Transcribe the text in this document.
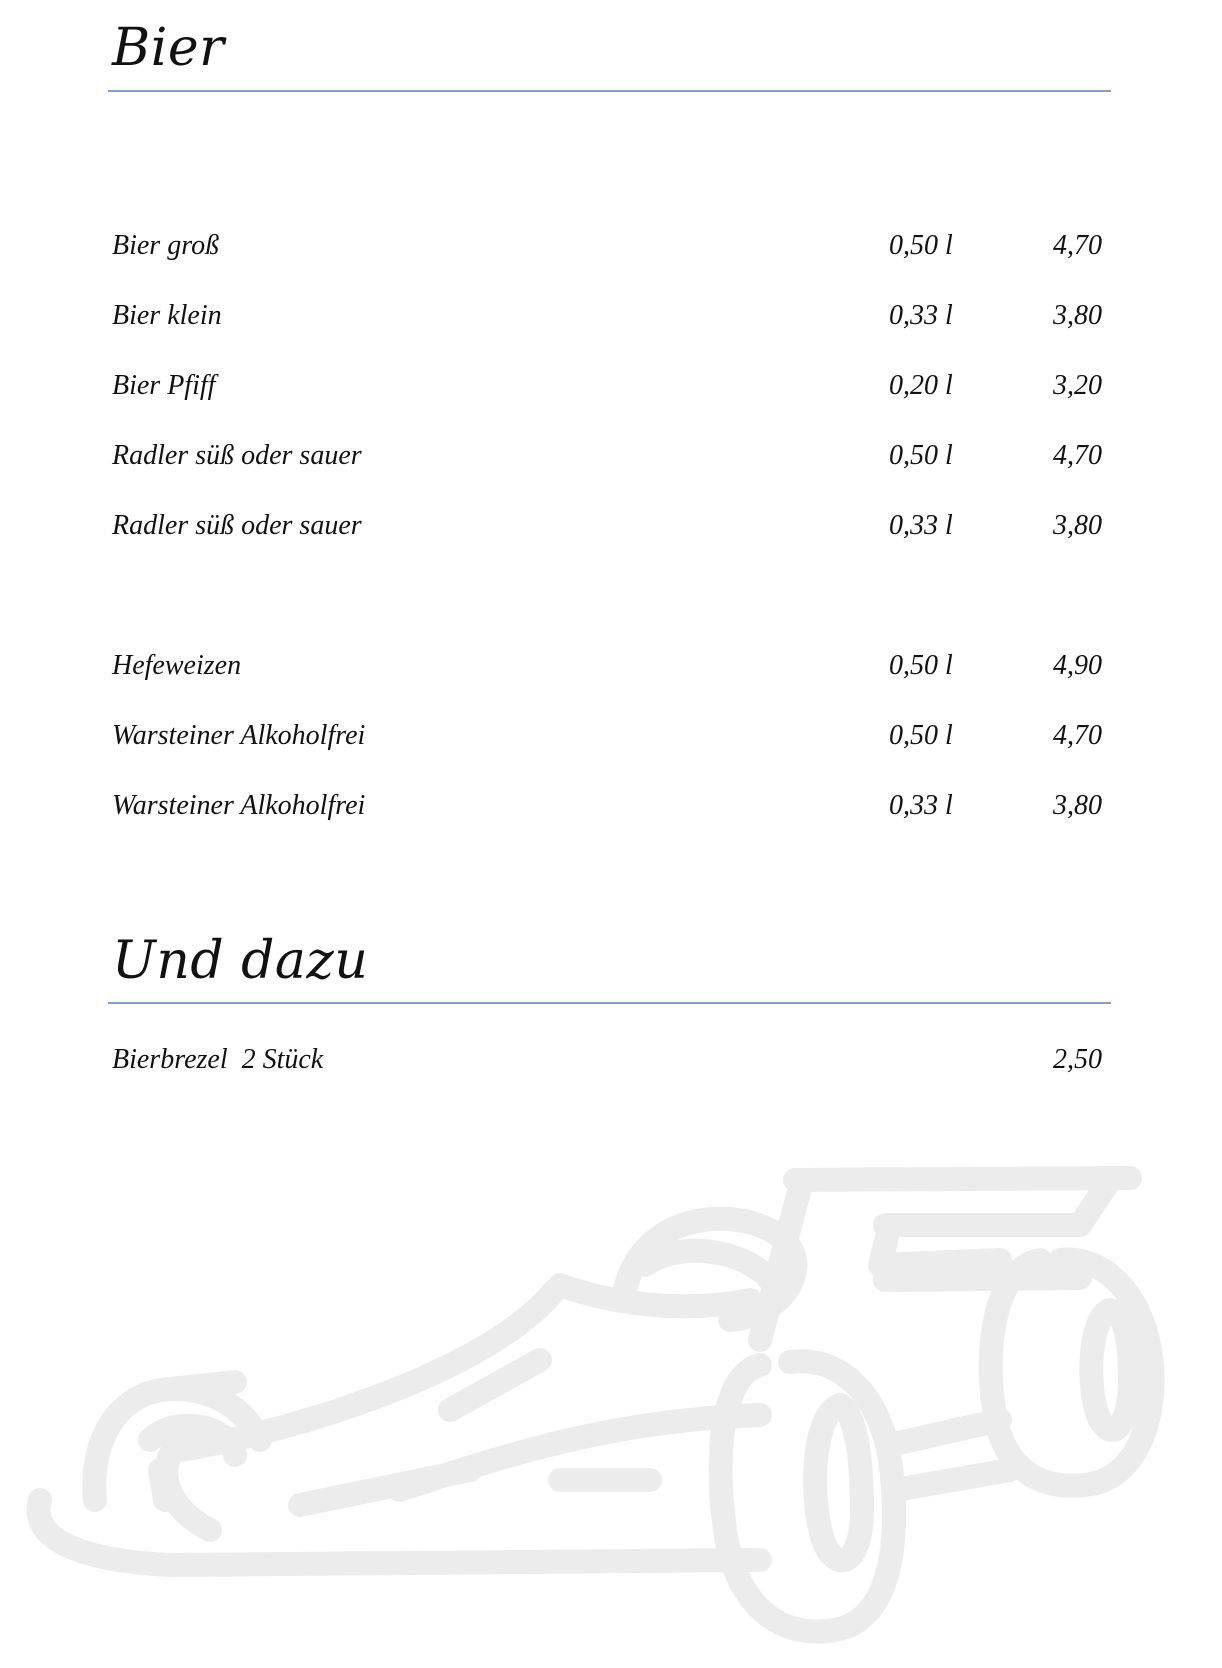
Bier
Bier groß	0,50 l	4,70
Bier klein	0,33 l	3,80
Bier Pfiff	0,20 l	3,20
Radler süß oder sauer	0,50 l	4,70
Radler süß oder sauer	0,33 l	3,80
Hefeweizen	0,50 l	4,90
Warsteiner Alkoholfrei	0,50 l	4,70
Warsteiner Alkoholfrei	0,33 l	3,80
Und dazu
Bierbrezel  2 Stück	2,50
